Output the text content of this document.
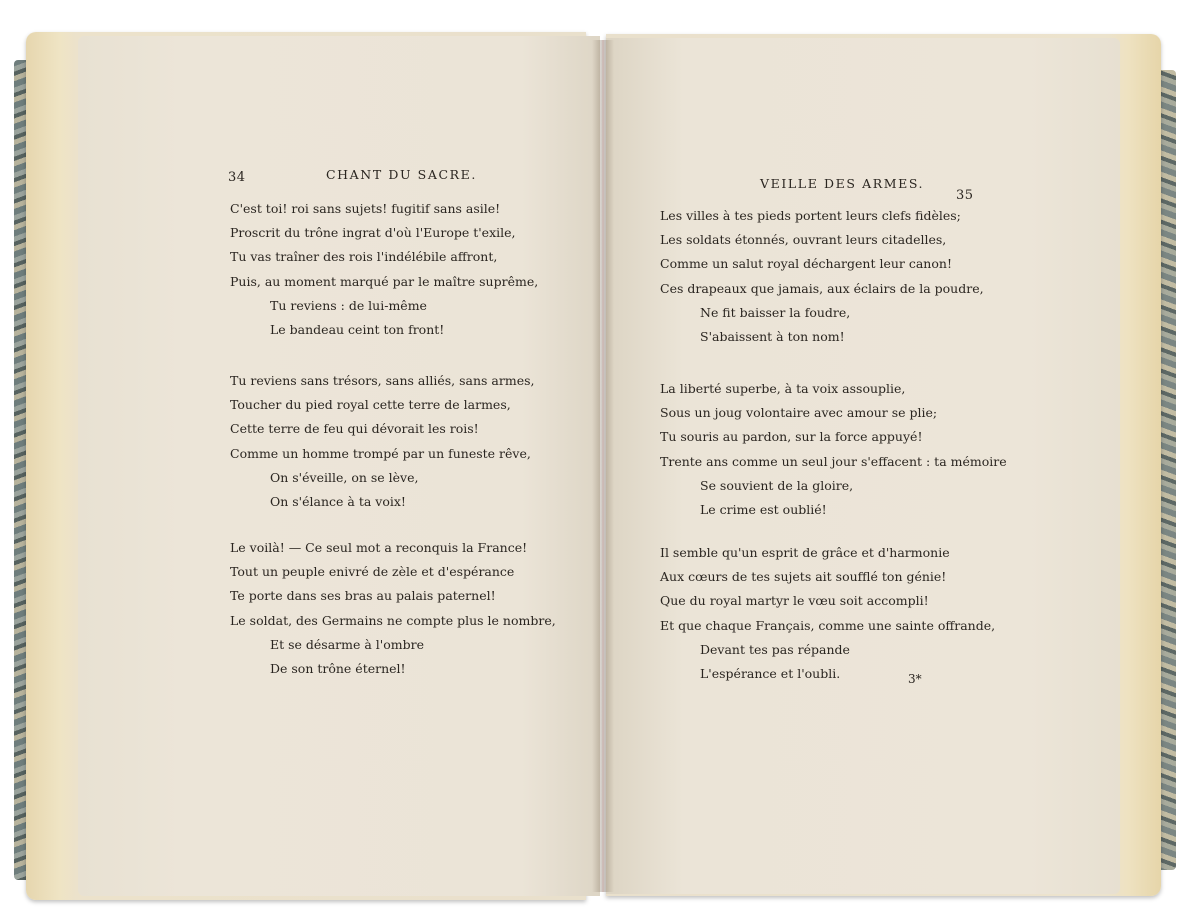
34	CHANT DU SACRE.
C'est toi! roi sans sujets! fugitif sans asile!
Proscrit du trône ingrat d'où l'Europe t'exile,
Tu vas traîner des rois l'indélébile affront,
Puis, au moment marqué par le maître suprême,
Tu reviens : de lui-même
Le bandeau ceint ton front!
Tu reviens sans trésors, sans alliés, sans armes,
Toucher du pied royal cette terre de larmes,
Cette terre de feu qui dévorait les rois!
Comme un homme trompé par un funeste rêve,
On s'éveille, on se lève,
On s'élance à ta voix!
Le voilà! — Ce seul mot a reconquis la France!
Tout un peuple enivré de zèle et d'espérance
Te porte dans ses bras au palais paternel!
Le soldat, des Germains ne compte plus le nombre,
Et se désarme à l'ombre
De son trône éternel!
VEILLE DES ARMES.
35
Les villes à tes pieds portent leurs clefs fidèles;
Les soldats étonnés, ouvrant leurs citadelles,
Comme un salut royal déchargent leur canon!
Ces drapeaux que jamais, aux éclairs de la poudre,
Ne fit baisser la foudre,
S'abaissent à ton nom!
La liberté superbe, à ta voix assouplie,
Sous un joug volontaire avec amour se plie;
Tu souris au pardon, sur la force appuyé!
Trente ans comme un seul jour s'effacent : ta mémoire
Se souvient de la gloire,
Le crime est oublié!
Il semble qu'un esprit de grâce et d'harmonie
Aux cœurs de tes sujets ait soufflé ton génie!
Que du royal martyr le vœu soit accompli!
Et que chaque Français, comme une sainte offrande,
Devant tes pas répande
L'espérance et l'oubli.	3*
